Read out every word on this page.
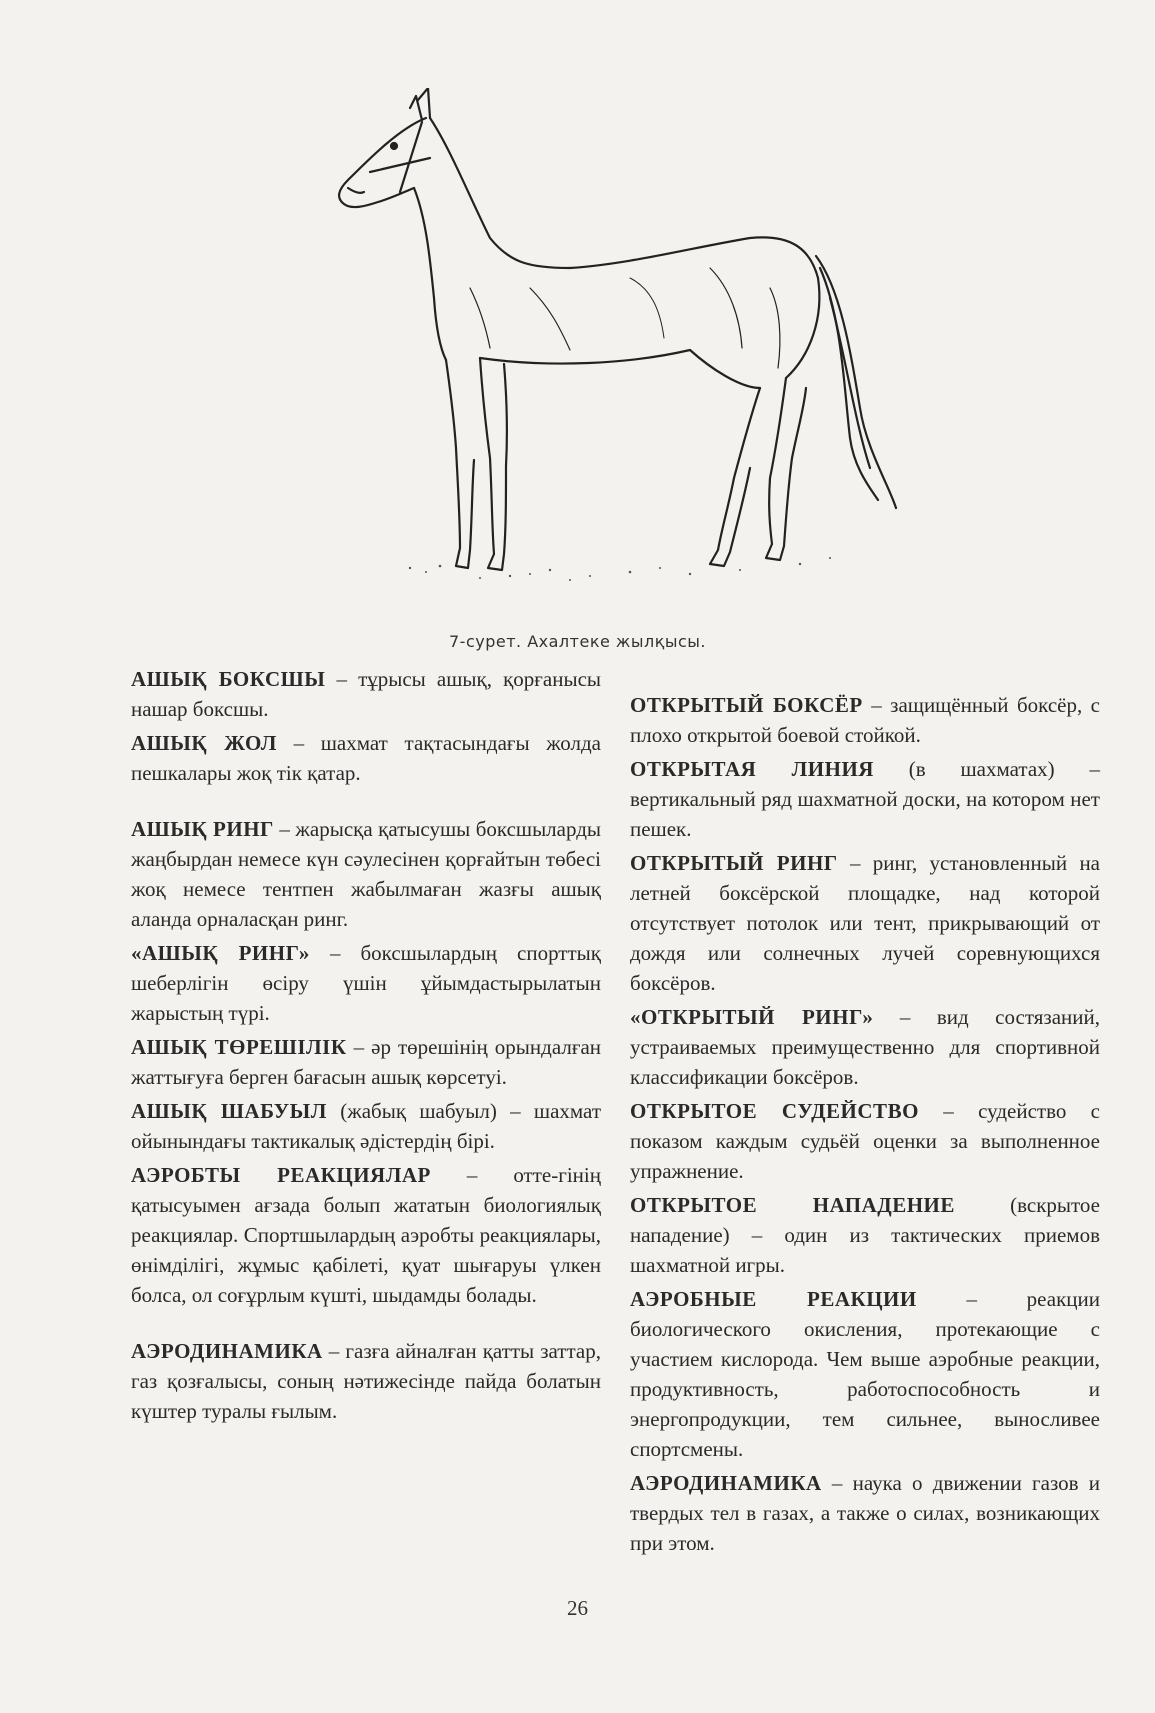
7-сурет. Ахалтеке жылқысы.

АШЫҚ БОКСШЫ – тұрысы ашық, қорғанысы нашар боксшы.

АШЫҚ ЖОЛ – шахмат тақтасындағы жолда пешкалары жоқ тік қатар.

АШЫҚ РИНГ – жарысқа қатысушы боксшыларды жаңбырдан немесе күн сәулесінен қорғайтын төбесі жоқ немесе тентпен жабылмаған жазғы ашық аланда орналасқан ринг.

«АШЫҚ РИНГ» – боксшылардың спорттық шеберлігін өсіру үшін ұйымдастырылатын жарыстың түрі.

АШЫҚ ТӨРЕШІЛІК – әр төрешінің орындалған жаттығуға берген бағасын ашық көрсетуі.

АШЫҚ ШАБУЫЛ (жабық шабуыл) – шахмат ойынындағы тактикалық әдістердің бірі.

АЭРОБТЫ РЕАКЦИЯЛАР – отте-гінің қатысуымен ағзада болып жататын биологиялық реакциялар. Спортшылардың аэробты реакциялары, өнімділігі, жұмыс қабілеті, қуат шығаруы үлкен болса, ол сoғұрлым күшті, шыдамды болады.

АЭРОДИНАМИКА – газға айналған қатты заттар, газ қозғалысы, соның нәтижесінде пайда болатын күштер туралы ғылым.

ОТКРЫТЫЙ БОКСЁР – защищённый боксёр, с плохо открытой боевой стойкой.

ОТКРЫТАЯ ЛИНИЯ (в шахматах) – вертикальный ряд шахматной доски, на котором нет пешек.

ОТКРЫТЫЙ РИНГ – ринг, установленный на летней боксёрской площадке, над которой отсутствует потолок или тент, прикрывающий от дождя или солнечных лучей соревнующихся боксёров.

«ОТКРЫТЫЙ РИНГ» – вид состязаний, устраиваемых преимущественно для спортивной классификации боксёров.

ОТКРЫТОЕ СУДЕЙСТВО – судейство с показом каждым судьёй оценки за выполненное упражнение.

ОТКРЫТОЕ НАПАДЕНИЕ (вскрытое нападение) – один из тактических приемов шахматной игры.

АЭРОБНЫЕ РЕАКЦИИ – реакции биологического окисления, протекающие с участием кислорода. Чем выше аэробные реакции, продуктивность, работоспособность и энергопродукции, тем сильнее, выносливее спортсмены.

АЭРОДИНАМИКА – наука о движении газов и твердых тел в газах, а также о силах, возникающих при этом.

26
